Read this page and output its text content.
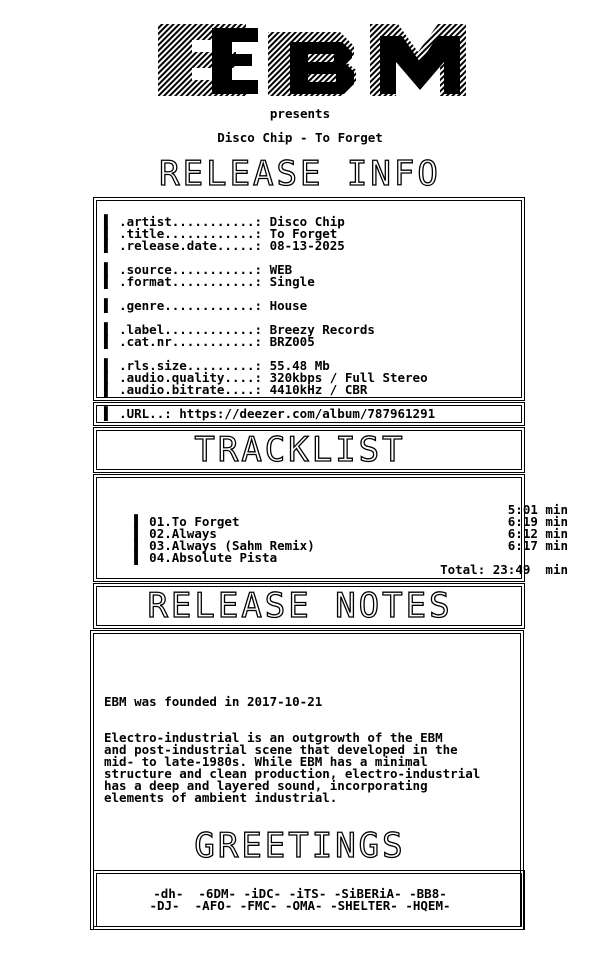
presents
Disco Chip - To Forget
RELEASE INFO

▌ .artist...........: Disco Chip

▌ .title............: To Forget

▌ .release.date.....: 08-13-2025

▌ .source...........: WEB

▌ .format...........: Single

▌ .genre............: House

▌ .label............: Breezy Records

▌ .cat.nr...........: BRZ005

▌ .rls.size.........: 55.48 Mb

▌ .audio.quality....: 320kbps / Full Stereo

▌ .audio.bitrate....: 4410kHz / CBR

▌ .URL..: https://deezer.com/album/787961291
TRACKLIST

▌ 01.To Forget

5:01 min

▌ 02.Always

6:19 min

▌ 03.Always (Sahm Remix)

6:12 min

▌ 04.Absolute Pista

6:17 min

Total: 23:49  min

RELEASE NOTES

EBM was founded in 2017-10-21

Electro-industrial is an outgrowth of the EBM

and post-industrial scene that developed in the

mid- to late-1980s. While EBM has a minimal

structure and clean production, electro-industrial

has a deep and layered sound, incorporating

elements of ambient industrial.

GREETINGS

-dh-  -6DM- -iDC- -iTS- -SiBERiA- -BB8-

-DJ-  -AFO- -FMC- -OMA- -SHELTER- -HQEM-
